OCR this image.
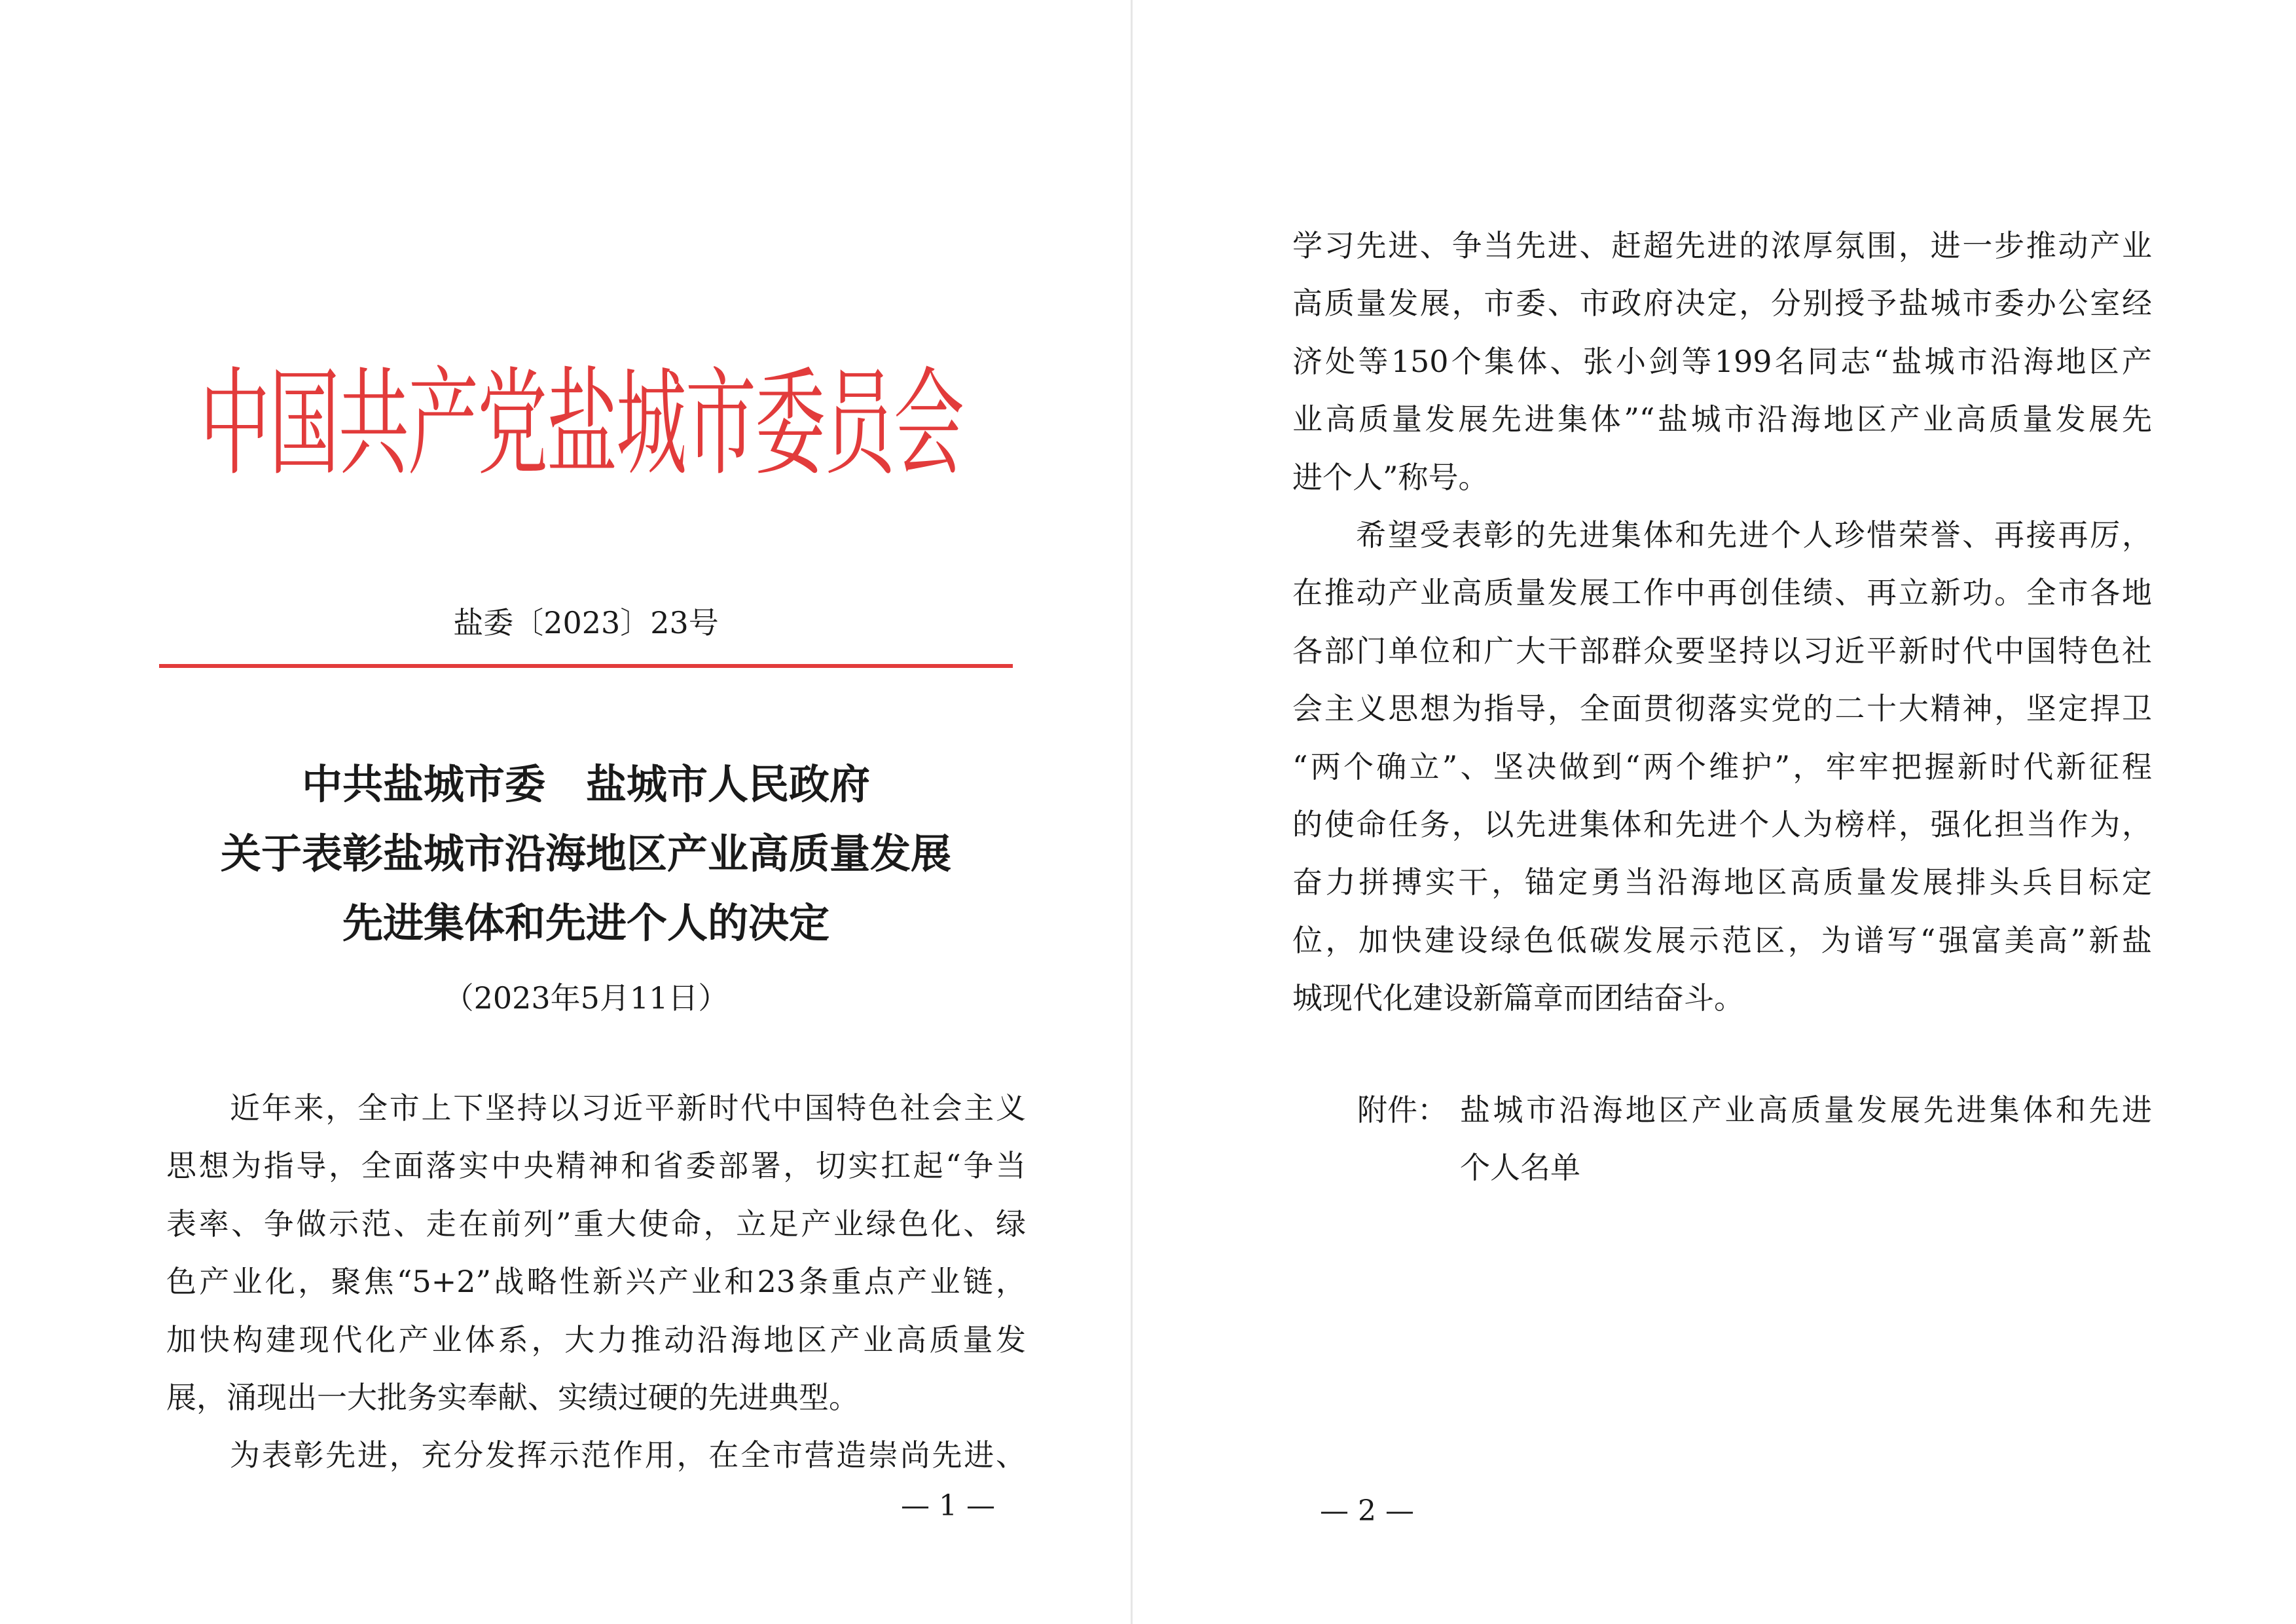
中国共产党盐城市委员会
盐委〔2023〕23号
中共盐城市委　盐城市人民政府
关于表彰盐城市沿海地区产业高质量发展
先进集体和先进个人的决定
（2023年5月11日）
近年来，全市上下坚持以习近平新时代中国特色社会主义
思想为指导，全面落实中央精神和省委部署，切实扛起“争当
表率、争做示范、走在前列”重大使命，立足产业绿色化、绿
色产业化，聚焦“5+2”战略性新兴产业和23条重点产业链，
加快构建现代化产业体系，大力推动沿海地区产业高质量发
展，涌现出一大批务实奉献、实绩过硬的先进典型。
为表彰先进，充分发挥示范作用，在全市营造崇尚先进、
— 1 —
学习先进、争当先进、赶超先进的浓厚氛围，进一步推动产业
高质量发展，市委、市政府决定，分别授予盐城市委办公室经
济处等150个集体、张小剑等199名同志“盐城市沿海地区产
业高质量发展先进集体”“盐城市沿海地区产业高质量发展先
进个人”称号。
希望受表彰的先进集体和先进个人珍惜荣誉、再接再厉，
在推动产业高质量发展工作中再创佳绩、再立新功。全市各地
各部门单位和广大干部群众要坚持以习近平新时代中国特色社
会主义思想为指导，全面贯彻落实党的二十大精神，坚定捍卫
“两个确立”、坚决做到“两个维护”，牢牢把握新时代新征程
的使命任务，以先进集体和先进个人为榜样，强化担当作为，
奋力拼搏实干，锚定勇当沿海地区高质量发展排头兵目标定
位，加快建设绿色低碳发展示范区，为谱写“强富美高”新盐
城现代化建设新篇章而团结奋斗。
附件： 盐城市沿海地区产业高质量发展先进集体和先进
个人名单
— 2 —
